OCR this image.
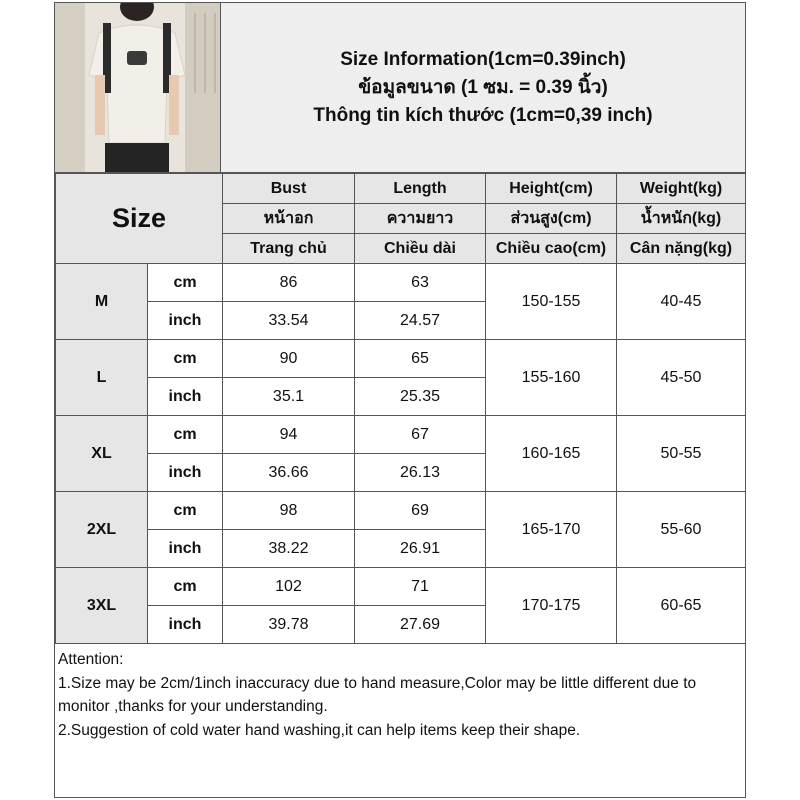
Size Information(1cm=0.39inch)
ข้อมูลขนาด (1 ซม. = 0.39 นิ้ว)
Thông tin kích thước (1cm=0,39 inch)
Size		Bust	Length	Height(cm)	Weight(kg)
		หน้าอก	ความยาว	ส่วนสูง(cm)	น้ำหนัก(kg)
		Trang chủ	Chiều dài	Chiều cao(cm)	Cân nặng(kg)
M	cm	86	63	150-155	40-45
	inch	33.54	24.57		
L	cm	90	65	155-160	45-50
	inch	35.1	25.35		
XL	cm	94	67	160-165	50-55
	inch	36.66	26.13		
2XL	cm	98	69	165-170	55-60
	inch	38.22	26.91		
3XL	cm	102	71	170-175	60-65
	inch	39.78	27.69		
Attention:
1.Size may be 2cm/1inch inaccuracy due to hand measure,Color may be little different due to monitor ,thanks for your understanding.
2.Suggestion of cold water hand washing,it can help items keep their shape.
